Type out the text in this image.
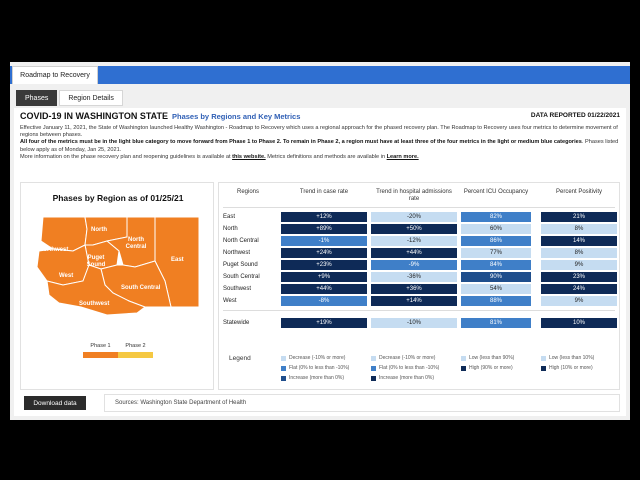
Roadmap to Recovery
Phases	Region Details
COVID-19 IN WASHINGTON STATE Phases by Regions and Key Metrics	DATA REPORTED 01/22/2021
Effective January 11, 2021, the State of Washington launched Healthy Washington - Roadmap to Recovery which uses a regional approach for the phased recovery plan. The Roadmap to Recovery uses four metrics to determine movement of regions between phases.
All four of the metrics must be in the light blue category to move forward from Phase 1 to Phase 2. To remain in Phase 2, a region must have at least three of the four metrics in the light or medium blue categories. Phases listed below apply as of Monday, Jan 25, 2021.
More information on the phase recovery plan and reopening guidelines is available at this website. Metrics definitions and methods are available in Learn more.
Phases by Region as of 01/25/21
North
North Central
Northwest
Puget Sound
East
West
South Central
Southwest
Phase 1	Phase 2
Regions	Trend in case rate	Trend in hospital admissions rate
Percent ICU Occupancy	Percent Positivity
East	+12%	-20%	82%	21%
North	+89%	+50%	60%	8%
North Central	-1%	-12%	86%	14%
Northwest	+24%	+44%	77%	8%
Puget Sound	+23%	-9%	84%	9%
South Central	+9%	-36%	90%	23%
Southwest	+44%	+36%	54%	24%
West	-8%	+14%	88%	9%
Statewide	+19%	-10%	81%	10%
Legend	Decrease (-10% or more)
Flat (0% to less than -10%)
Increase (more than 0%)
Decrease (-10% or more)
Flat (0% to less than -10%)
Increase (more than 0%)
Low (less than 90%)
High (90% or more)
Low (less than 10%)
High (10% or more)
Download data	Sources: Washington State Department of Health
